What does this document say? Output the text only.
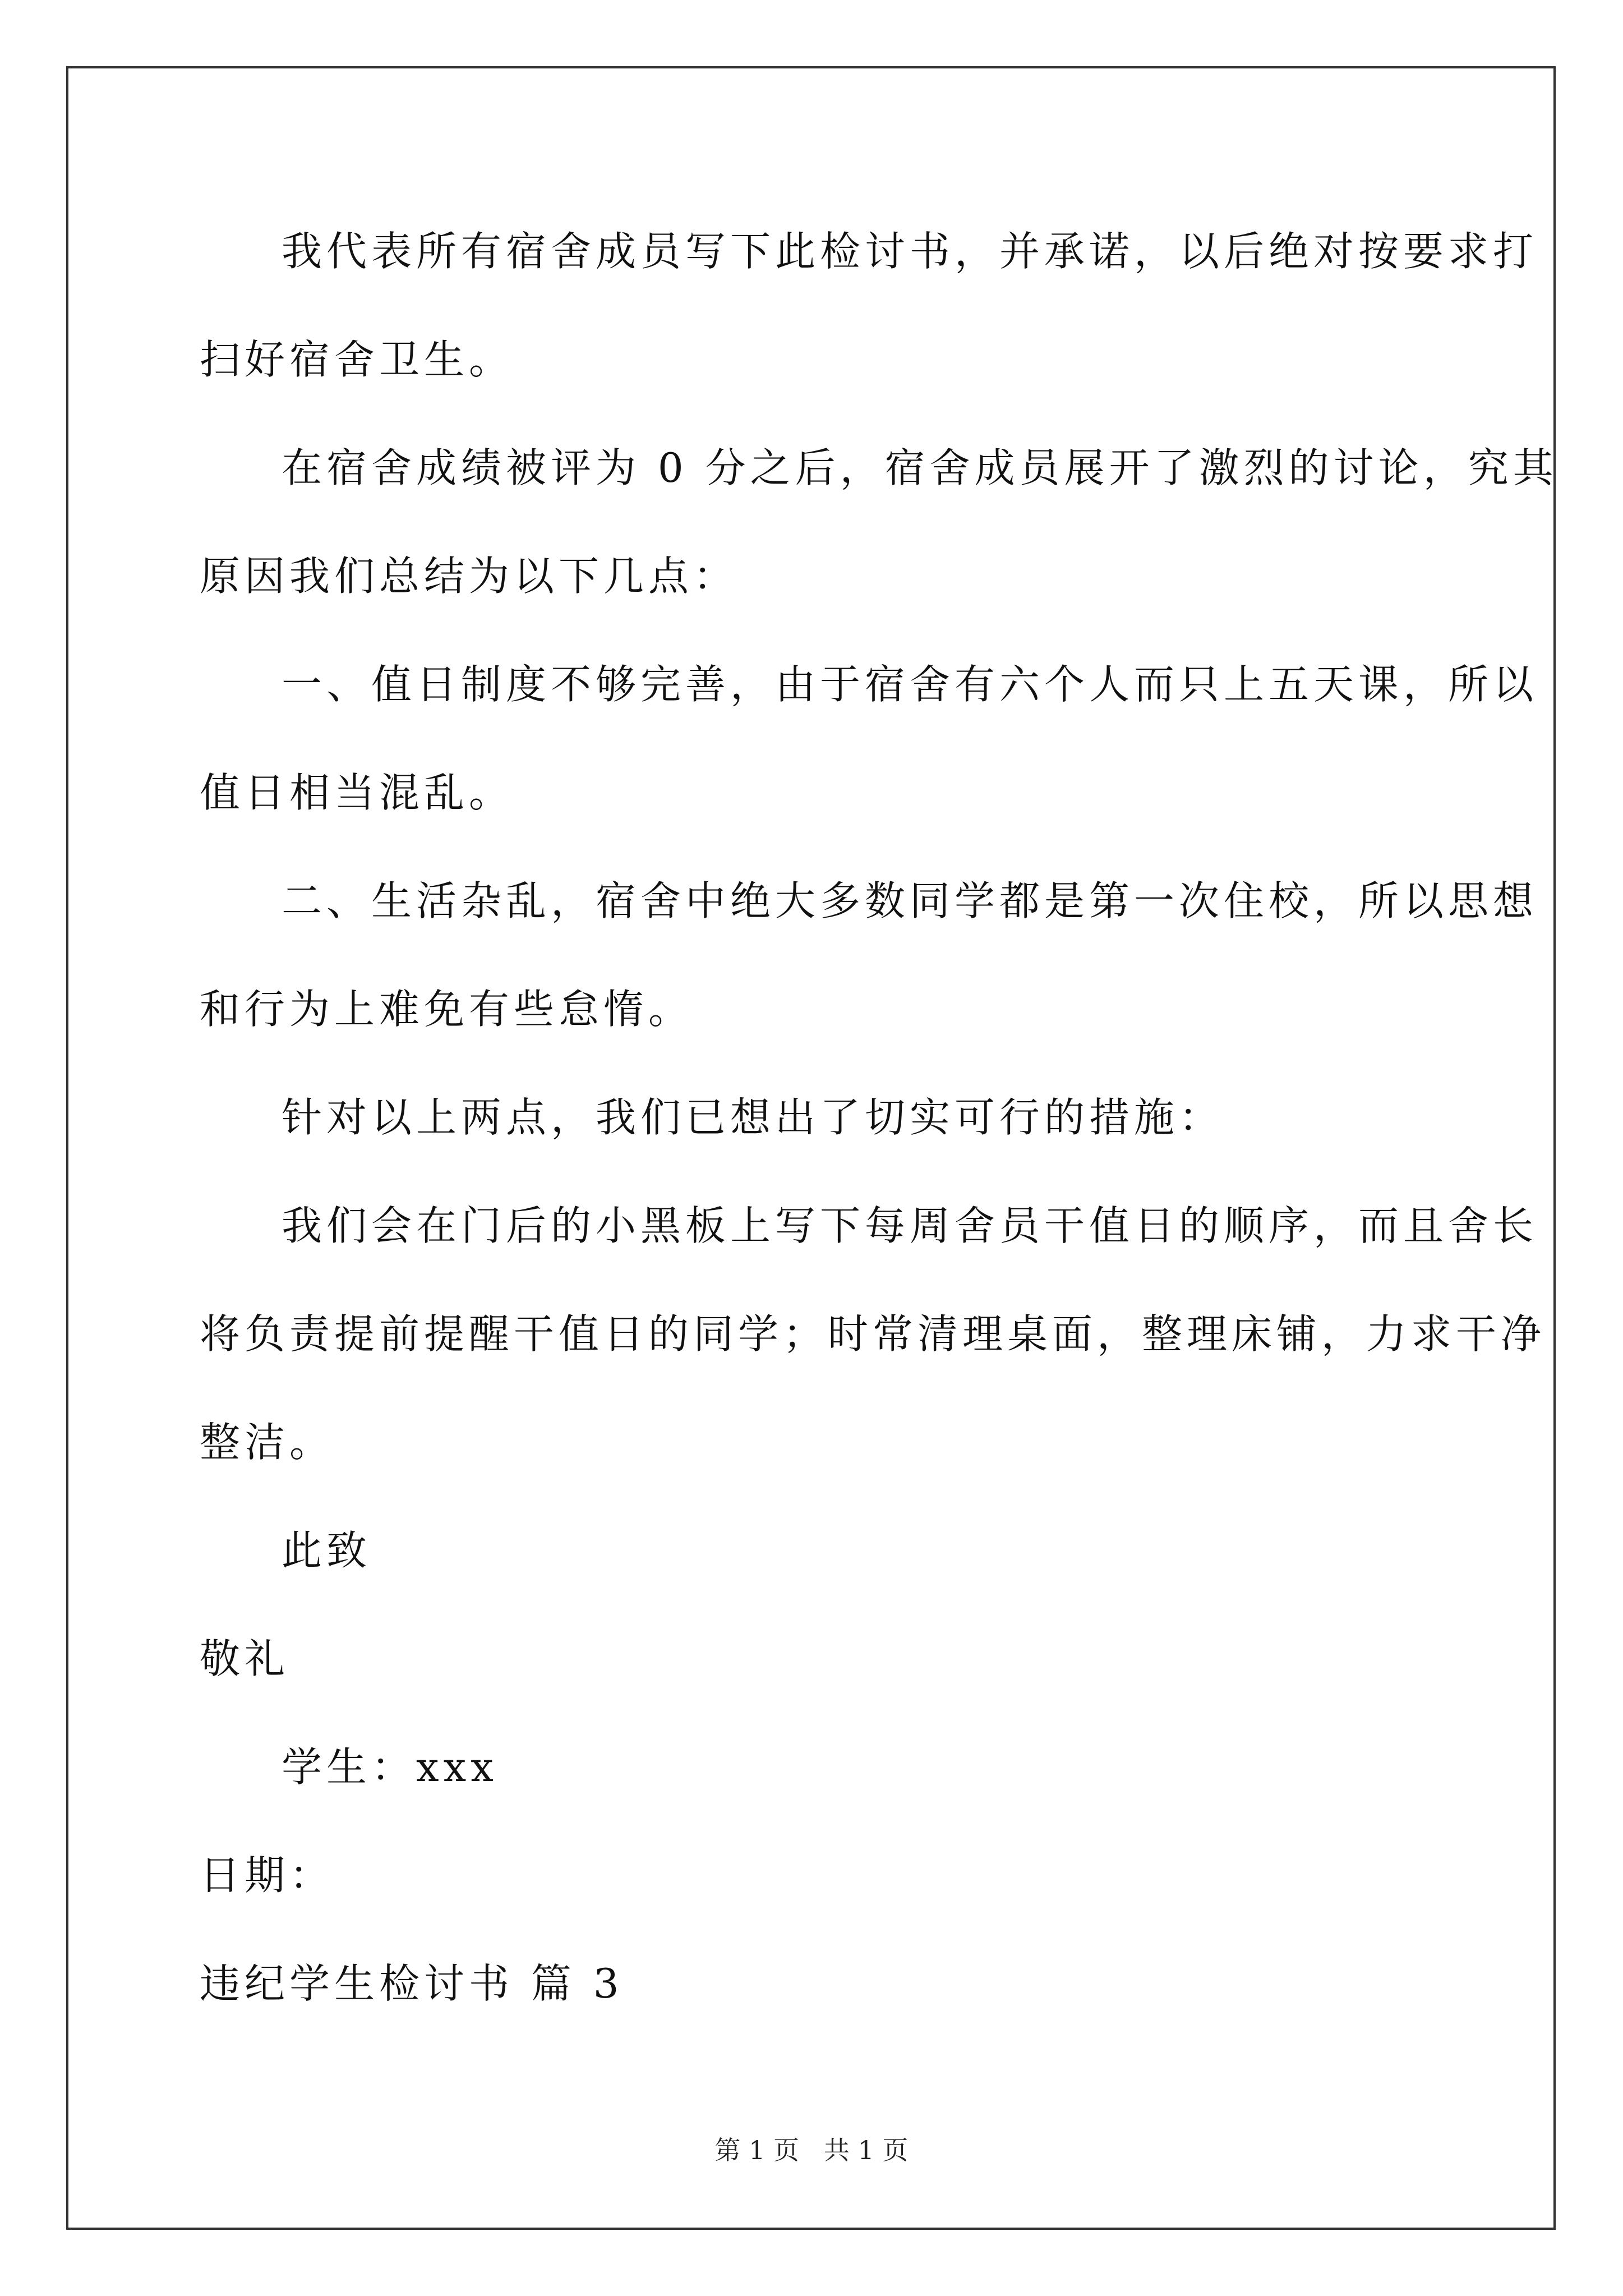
我代表所有宿舍成员写下此检讨书，并承诺，以后绝对按要求打
扫好宿舍卫生。
在宿舍成绩被评为 0 分之后，宿舍成员展开了激烈的讨论，究其
原因我们总结为以下几点：
一、值日制度不够完善，由于宿舍有六个人而只上五天课，所以
值日相当混乱。
二、生活杂乱，宿舍中绝大多数同学都是第一次住校，所以思想
和行为上难免有些怠惰。
针对以上两点，我们已想出了切实可行的措施：
我们会在门后的小黑板上写下每周舍员干值日的顺序，而且舍长
将负责提前提醒干值日的同学；时常清理桌面，整理床铺，力求干净
整洁。
此致
敬礼
学生：xxx
日期：
违纪学生检讨书 篇 3
第 1 页   共 1 页
